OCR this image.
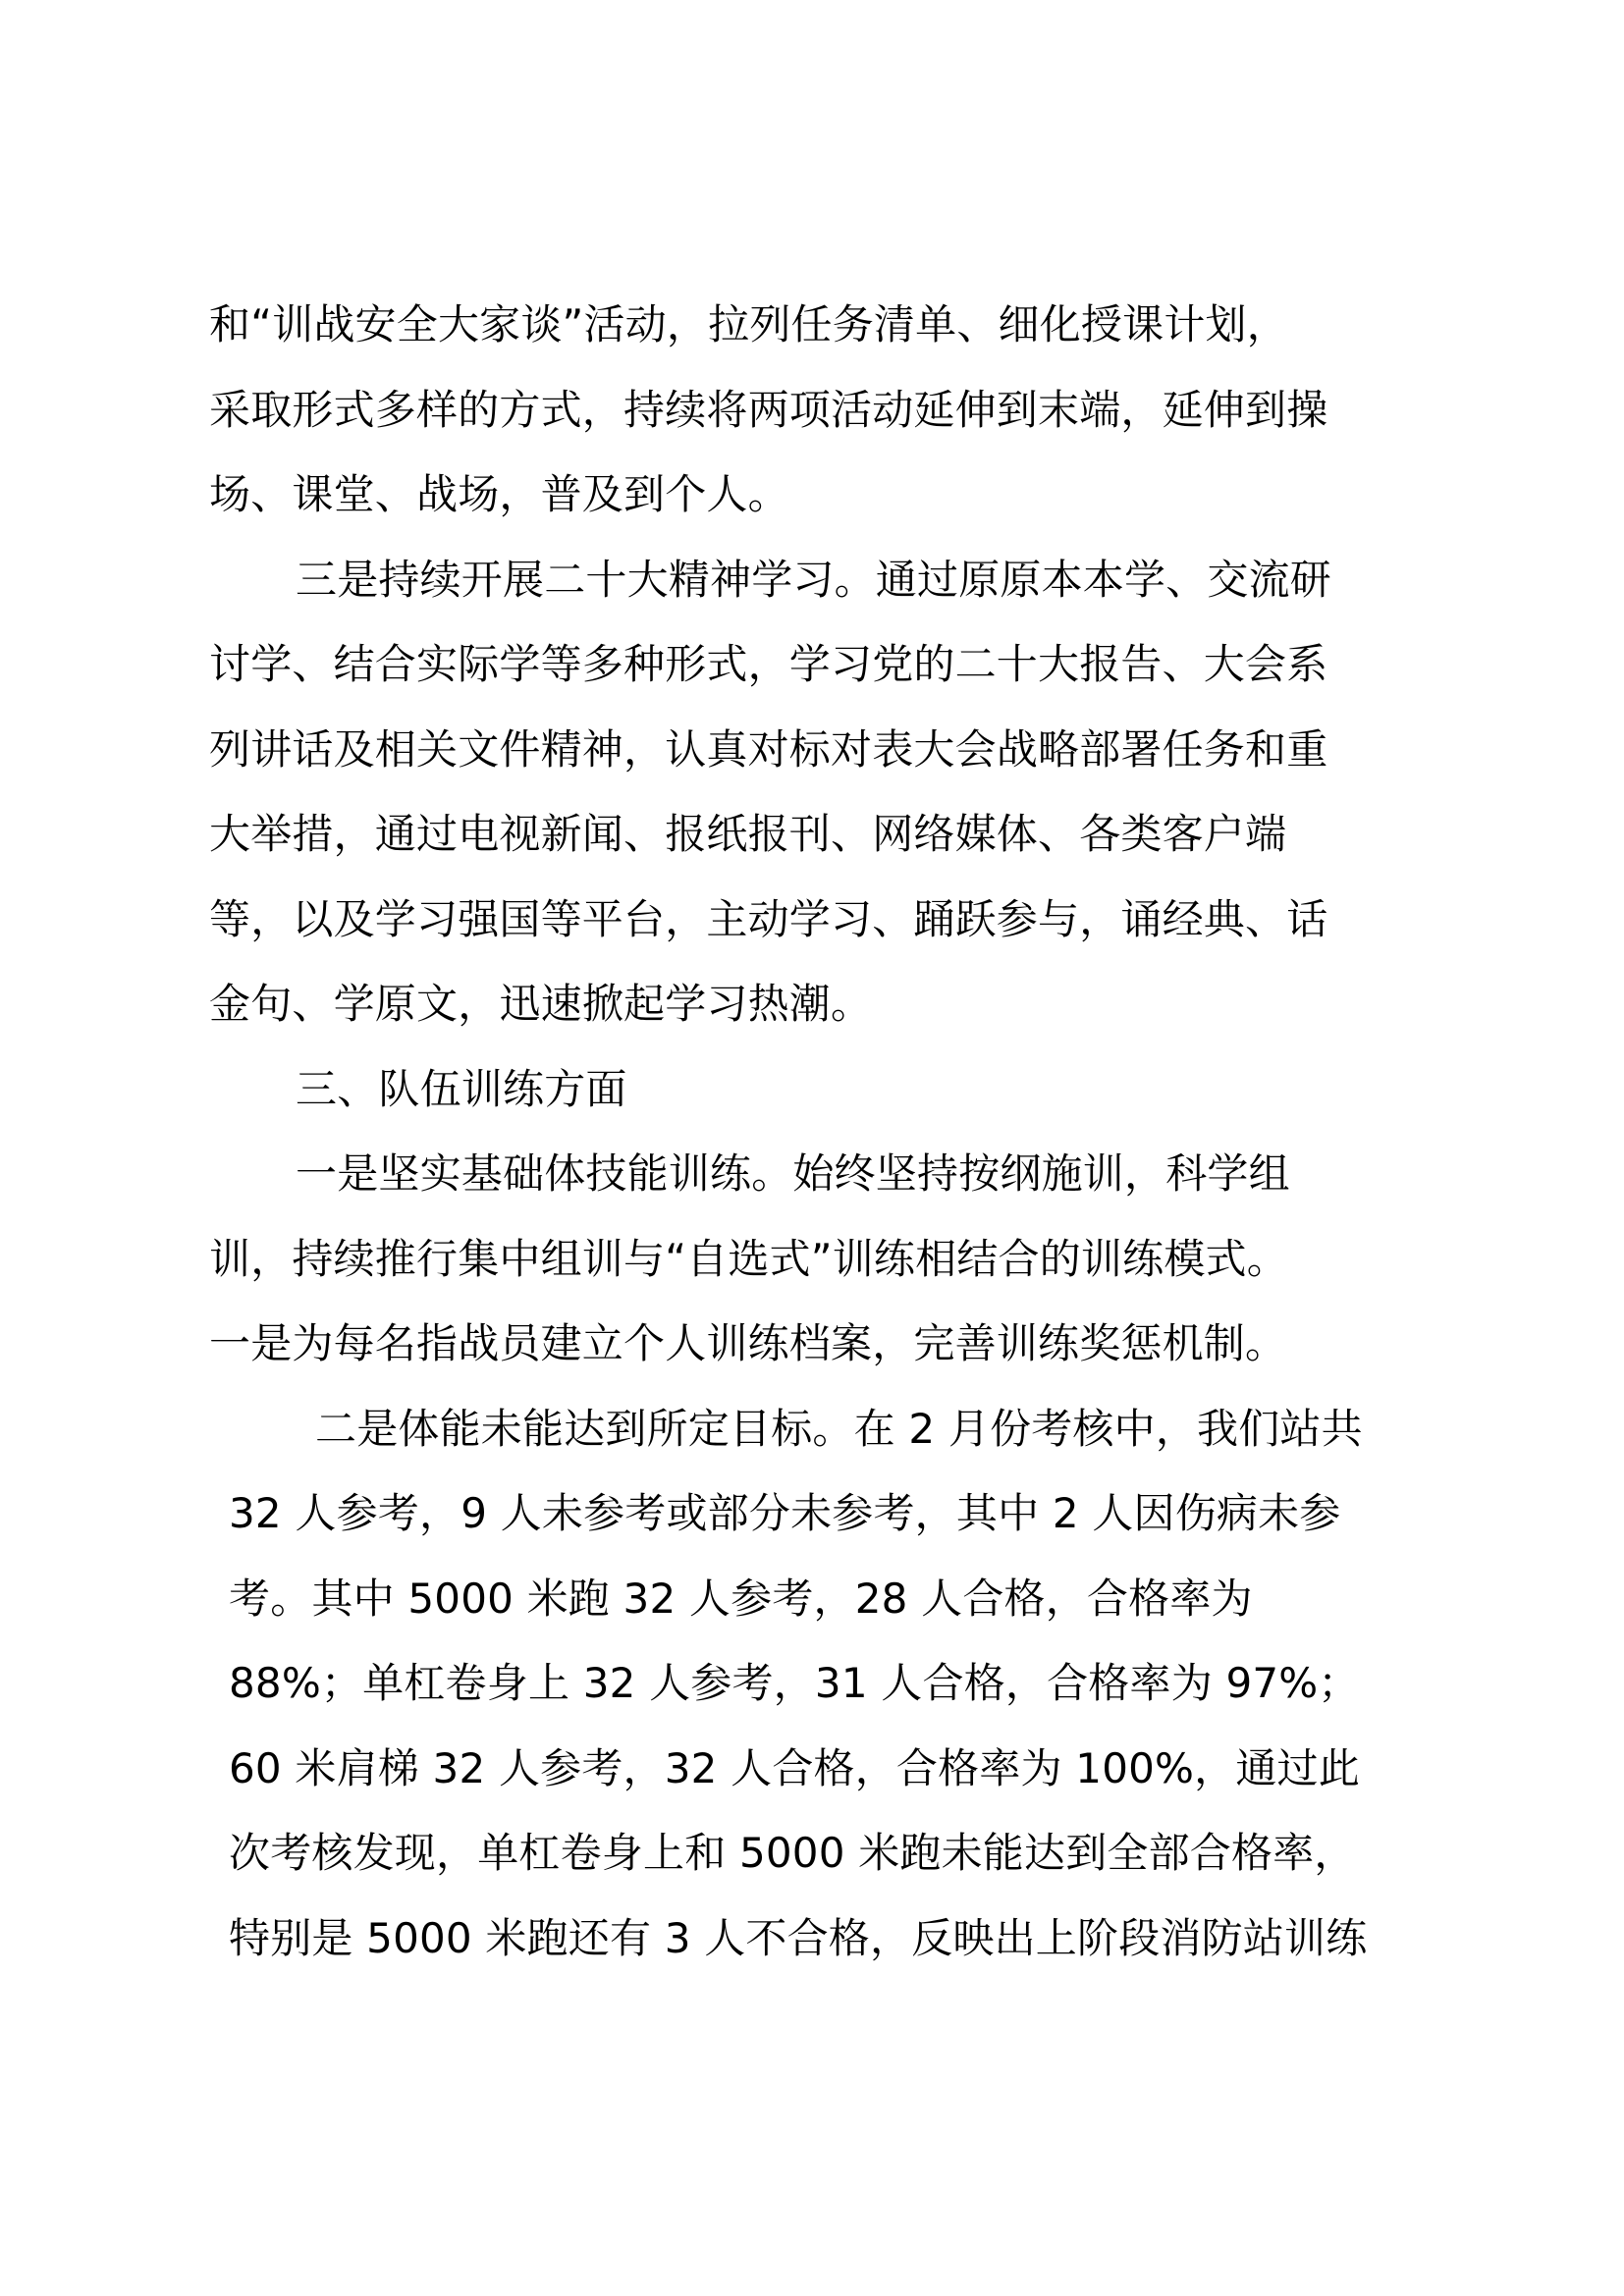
和“训战安全大家谈”活动，拉列任务清单、细化授课计划，
采取形式多样的方式，持续将两项活动延伸到末端，延伸到操
场、课堂、战场，普及到个人。
三是持续开展二十大精神学习。通过原原本本学、交流研
讨学、结合实际学等多种形式，学习党的二十大报告、大会系
列讲话及相关文件精神，认真对标对表大会战略部署任务和重
大举措，通过电视新闻、报纸报刊、网络媒体、各类客户端
等，以及学习强国等平台，主动学习、踊跃参与，诵经典、话
金句、学原文，迅速掀起学习热潮。
三、队伍训练方面
一是坚实基础体技能训练。始终坚持按纲施训，科学组
训，持续推行集中组训与“自选式”训练相结合的训练模式。
一是为每名指战员建立个人训练档案，完善训练奖惩机制。
二是体能未能达到所定目标。在 2 月份考核中，我们站共
32 人参考，9 人未参考或部分未参考，其中 2 人因伤病未参
考。其中 5000 米跑 32 人参考，28 人合格，合格率为
88%；单杠卷身上 32 人参考，31 人合格，合格率为 97%；
60 米肩梯 32 人参考，32 人合格，合格率为 100%，通过此
次考核发现，单杠卷身上和 5000 米跑未能达到全部合格率，
特别是 5000 米跑还有 3 人不合格，反映出上阶段消防站训练
